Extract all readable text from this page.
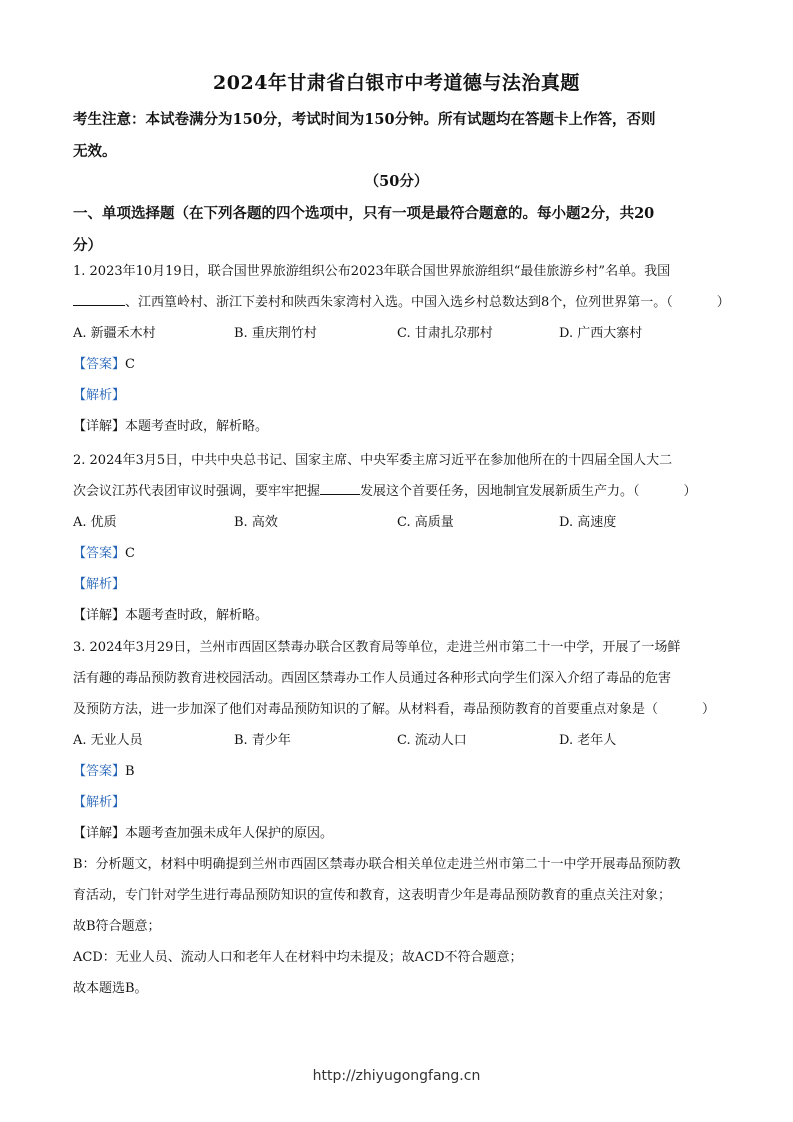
2024年甘肃省白银市中考道德与法治真题
考生注意：本试卷满分为150分，考试时间为150分钟。所有试题均在答题卡上作答，否则
无效。
（50分）
一、单项选择题（在下列各题的四个选项中，只有一项是最符合题意的。每小题2分，共20
分）
1. 2023年10月19日，联合国世界旅游组织公布2023年联合国世界旅游组织“最佳旅游乡村”名单。我国
、江西篁岭村、浙江下姜村和陕西朱家湾村入选。中国入选乡村总数达到8个，位列世界第一。（	）
A. 新疆禾木村	B. 重庆荆竹村	C. 甘肃扎尕那村	D. 广西大寨村
【答案】C
【解析】
【详解】本题考查时政，解析略。
2. 2024年3月5日，中共中央总书记、国家主席、中央军委主席习近平在参加他所在的十四届全国人大二
次会议江苏代表团审议时强调，要牢牢把握	发展这个首要任务，因地制宜发展新质生产力。（	）
A. 优质	B. 高效	C. 高质量	D. 高速度
【答案】C
【解析】
【详解】本题考查时政，解析略。
3. 2024年3月29日，兰州市西固区禁毒办联合区教育局等单位，走进兰州市第二十一中学，开展了一场鲜
活有趣的毒品预防教育进校园活动。西固区禁毒办工作人员通过各种形式向学生们深入介绍了毒品的危害
及预防方法，进一步加深了他们对毒品预防知识的了解。从材料看，毒品预防教育的首要重点对象是（	）
A. 无业人员	B. 青少年	C. 流动人口	D. 老年人
【答案】B
【解析】
【详解】本题考查加强未成年人保护的原因。
B：分析题文，材料中明确提到兰州市西固区禁毒办联合相关单位走进兰州市第二十一中学开展毒品预防教
育活动，专门针对学生进行毒品预防知识的宣传和教育，这表明青少年是毒品预防教育的重点关注对象；
故B符合题意；
ACD：无业人员、流动人口和老年人在材料中均未提及；故ACD不符合题意；
故本题选B。
http://zhiyugongfang.cn
